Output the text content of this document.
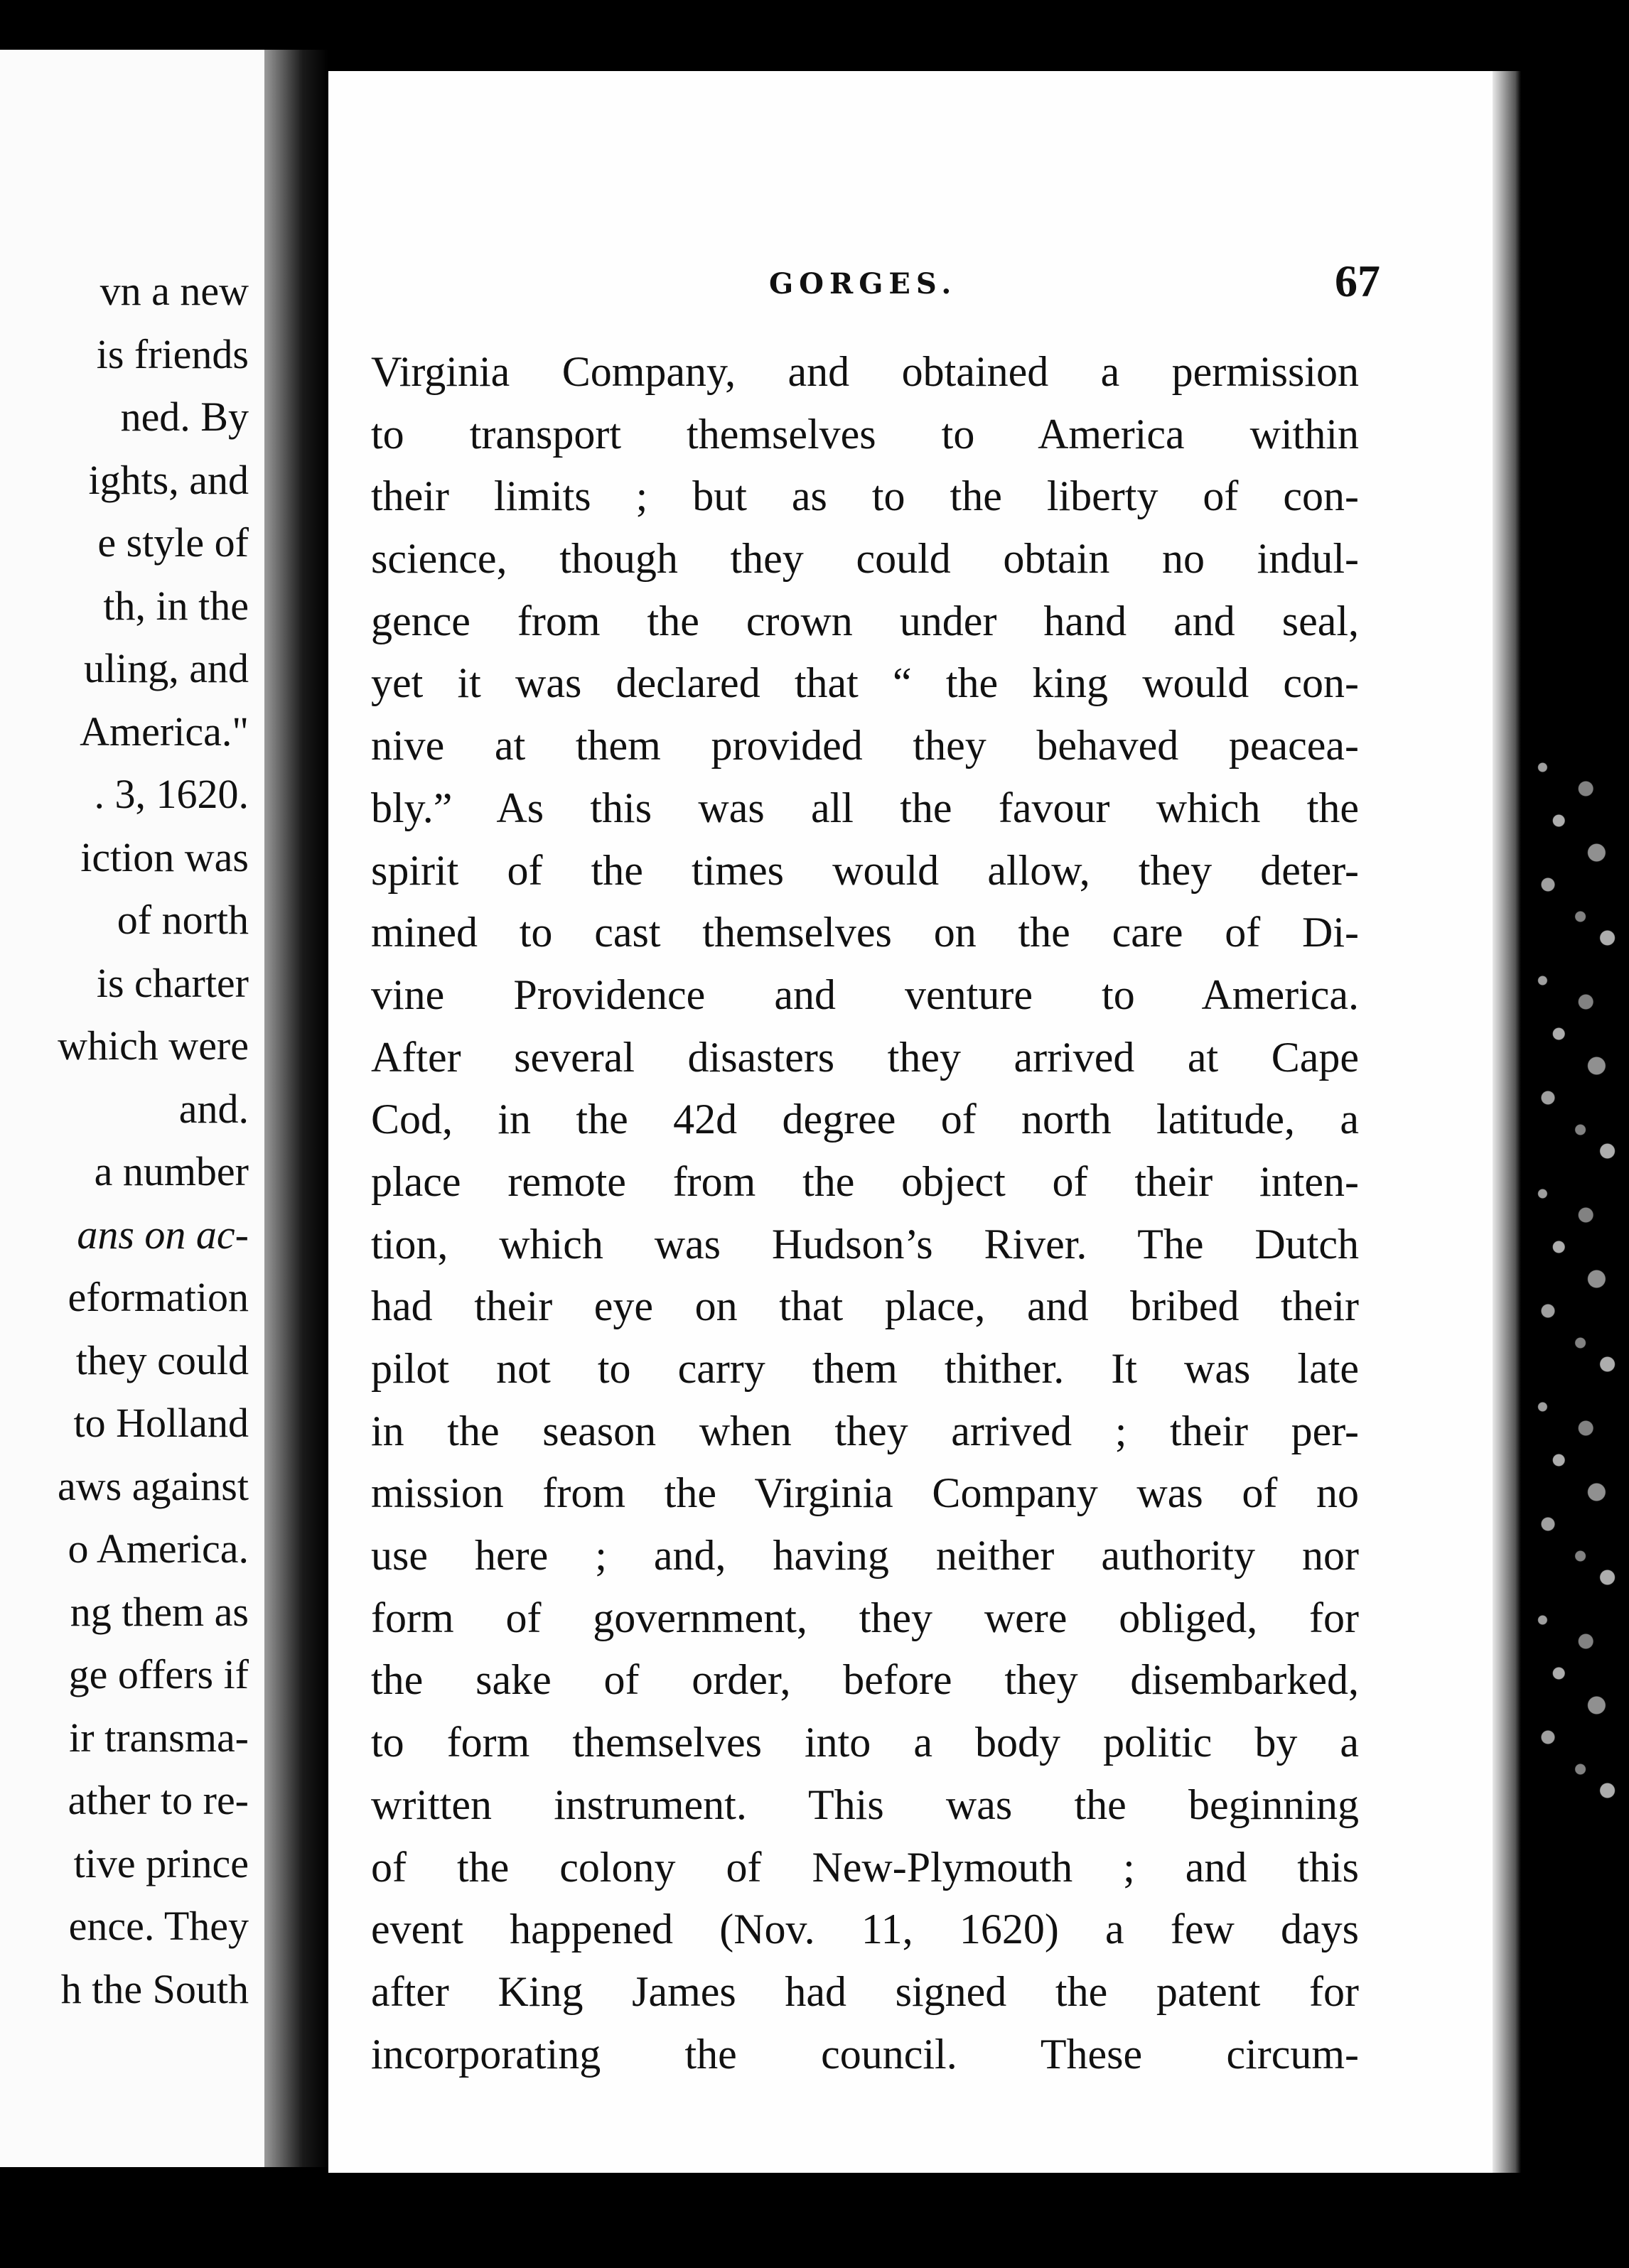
vn a new
is friends
ned. By
ights, and
e style of
th, in the
uling, and
America."
. 3, 1620.
iction was
of north
is charter
which were
and.
a number
ans on ac-
eformation
they could
to Holland
aws against
o America.
ng them as
ge offers if
ir transma-
ather to re-
tive prince
ence. They
h the South
GORGES.	67
Virginia Company, and obtained a permission
to transport themselves to America within
their limits ; but as to the liberty of con-
science, though they could obtain no indul-
gence from the crown under hand and seal,
yet it was declared that “ the king would con-
nive at them provided they behaved peacea-
bly.” As this was all the favour which the
spirit of the times would allow, they deter-
mined to cast themselves on the care of Di-
vine Providence and venture to America.
After several disasters they arrived at Cape
Cod, in the 42d degree of north latitude, a
place remote from the object of their inten-
tion, which was Hudson’s River. The Dutch
had their eye on that place, and bribed their
pilot not to carry them thither. It was late
in the season when they arrived ; their per-
mission from the Virginia Company was of no
use here ; and, having neither authority nor
form of government, they were obliged, for
the sake of order, before they disembarked,
to form themselves into a body politic by a
written instrument. This was the beginning
of the colony of New-Plymouth ; and this
event happened (Nov. 11, 1620) a few days
after King James had signed the patent for
incorporating the council. These circum-
